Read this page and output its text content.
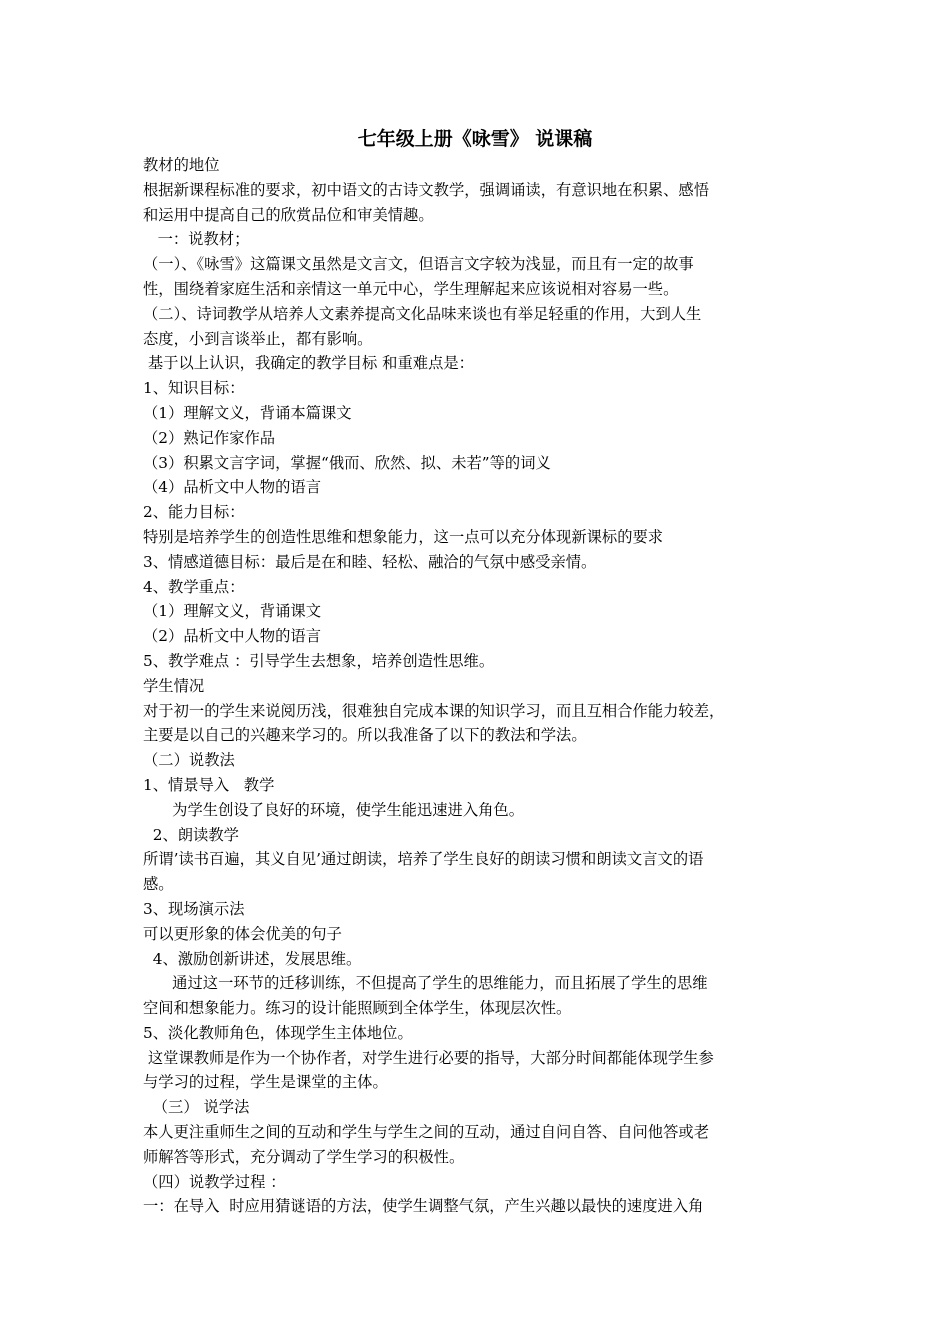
七年级上册《咏雪》 说课稿

教材的地位

根据新课程标准的要求，初中语文的古诗文教学，强调诵读，有意识地在积累、感悟

和运用中提高自己的欣赏品位和审美情趣。

一：说教材；

（一）、《咏雪》这篇课文虽然是文言文，但语言文字较为浅显，而且有一定的故事

性，围绕着家庭生活和亲情这一单元中心，学生理解起来应该说相对容易一些。

（二）、诗词教学从培养人文素养提高文化品味来谈也有举足轻重的作用，大到人生

态度，小到言谈举止，都有影响。

基于以上认识，我确定的教学目标 和重难点是：

1、知识目标：

（1）理解文义，背诵本篇课文

（2）熟记作家作品

（3）积累文言字词，掌握“俄而、欣然、拟、未若”等的词义

（4）品析文中人物的语言

2、能力目标：

特别是培养学生的创造性思维和想象能力，这一点可以充分体现新课标的要求

3、情感道德目标：最后是在和睦、轻松、融洽的气氛中感受亲情。

4、教学重点：

（1）理解文义，背诵课文

（2）品析文中人物的语言

5、教学难点 ：引导学生去想象，培养创造性思维。

学生情况

对于初一的学生来说阅历浅，很难独自完成本课的知识学习，而且互相合作能力较差，

主要是以自己的兴趣来学习的。所以我准备了以下的教法和学法。

（二）说教法

1、情景导入   教学

为学生创设了良好的环境，使学生能迅速进入角色。

2、朗读教学

所谓’读书百遍，其义自见’通过朗读，培养了学生良好的朗读习惯和朗读文言文的语

感。

3、现场演示法

可以更形象的体会优美的句子

4、激励创新讲述，发展思维。

通过这一环节的迁移训练，不但提高了学生的思维能力，而且拓展了学生的思维

空间和想象能力。练习的设计能照顾到全体学生，体现层次性。

5、淡化教师角色，体现学生主体地位。

这堂课教师是作为一个协作者，对学生进行必要的指导，大部分时间都能体现学生参

与学习的过程，学生是课堂的主体。

（三） 说学法

本人更注重师生之间的互动和学生与学生之间的互动，通过自问自答、自问他答或老

师解答等形式，充分调动了学生学习的积极性。

（四）说教学过程 ：

一：在导入  时应用猜谜语的方法，使学生调整气氛，产生兴趣以最快的速度进入角
